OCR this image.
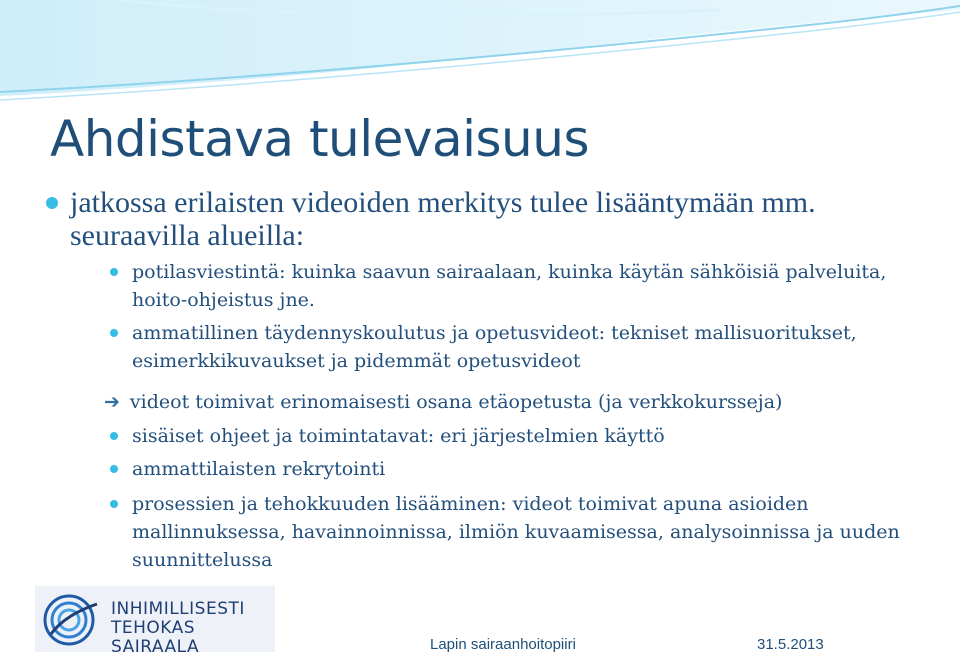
Ahdistava tulevaisuus
jatkossa erilaisten videoiden merkitys tulee lisääntymään mm. seuraavilla alueilla:
potilasviestintä: kuinka saavun sairaalaan, kuinka käytän sähköisiä palveluita, hoito-ohjeistus jne.
ammatillinen täydennyskoulutus ja opetusvideot: tekniset mallisuoritukset, esimerkkikuvaukset ja pidemmät opetusvideot
➔ videot toimivat erinomaisesti osana etäopetusta (ja verkkokursseja)
sisäiset ohjeet ja toimintatavat: eri järjestelmien käyttö
ammattilaisten rekrytointi
prosessien ja tehokkuuden lisääminen: videot toimivat apuna asioiden mallinnuksessa, havainnoinnissa, ilmiön kuvaamisessa, analysoinnissa ja uuden suunnittelussa
INHIMILLISESTI
TEHOKAS SAIRAALA	Lapin sairaanhoitopiiri	31.5.2013
